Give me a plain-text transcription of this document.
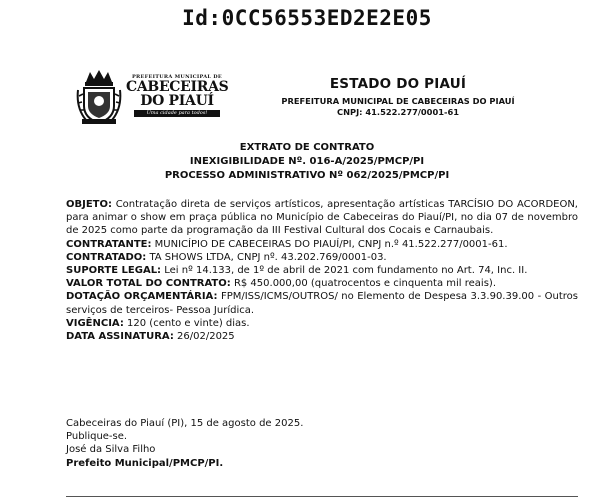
Id:0CC56553ED2E2E05
PREFEITURA MUNICIPAL DE
CABECEIRAS
DO PIAUÍ
Uma cidade para todos!
ESTADO DO PIAUÍ
PREFEITURA MUNICIPAL DE CABECEIRAS DO PIAUÍ
CNPJ: 41.522.277/0001-61
EXTRATO DE CONTRATO
INEXIGIBILIDADE Nº. 016-A/2025/PMCP/PI
PROCESSO ADMINISTRATIVO Nº 062/2025/PMCP/PI

OBJETO: Contratação direta de serviços artísticos, apresentação artísticas TARCÍSIO DO ACORDEON, para animar o show em praça pública no Município de Cabeceiras do Piauí/PI, no dia 07 de novembro de 2025 como parte da programação da III Festival Cultural dos Cocais e Carnaubais.

CONTRATANTE: MUNICÍPIO DE CABECEIRAS DO PIAUÍ/PI, CNPJ n.º 41.522.277/0001-61.

CONTRATADO: TA SHOWS LTDA, CNPJ nº. 43.202.769/0001-03.

SUPORTE LEGAL: Lei nº 14.133, de 1º de abril de 2021 com fundamento no Art. 74, Inc. II.

VALOR TOTAL DO CONTRATO: R$ 450.000,00 (quatrocentos e cinquenta mil reais).

DOTAÇÃO ORÇAMENTÁRIA: FPM/ISS/ICMS/OUTROS/ no Elemento de Despesa 3.3.90.39.00 - Outros serviços de terceiros- Pessoa Jurídica.

VIGÊNCIA: 120 (cento e vinte) dias.

DATA ASSINATURA: 26/02/2025

Cabeceiras do Piauí (PI), 15 de agosto de 2025.

Publique-se.

José da Silva Filho

Prefeito Municipal/PMCP/PI.
